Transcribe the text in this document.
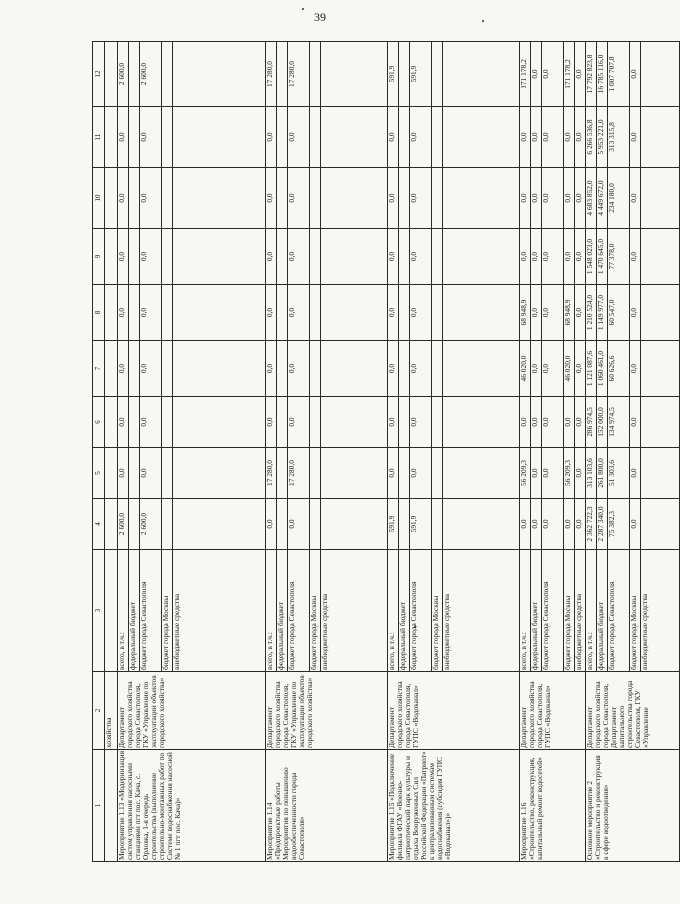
39
1	2	3	4	5	6	7	8	9	10	11	12
	хозяйства										
Мероприятие 1.13 «Модернизация систем управления насосными станциями пгт пос. Кача, с. Орловка, 1-я очередь строительства (выполнение строительно-монтажных работ по Системе водоснабжения насосной № 1 пгт пос. Кача)»	Департамент городского хозяйства города Севастополя, ГКУ «Управление по эксплуатации объектов городского хозяйства»	всего, в т.ч.:	2 600,0	0,0	0,0	0,0	0,0	0,0	0,0	0,0	2 600,0
		федеральный бюджет									
		бюджет города Севастополя	2 600,0	0,0	0,0	0,0	0,0	0,0	0,0	0,0	2 600,0
		бюджет города Москвы									
		внебюджетные средства									
Мероприятие 1.14 «Предпроектные работы Мероприятия по повышению водообеспеченности города Севастополя»	Департамент городского хозяйства города Севастополя, ГКУ «Управление по эксплуатации объектов городского хозяйства»	всего, в т.ч.:	0,0	17 280,0	0,0	0,0	0,0	0,0	0,0	0,0	17 280,0
		федеральный бюджет									
		бюджет города Севастополя	0,0	17 280,0	0,0	0,0	0,0	0,0	0,0	0,0	17 280,0
		бюджет города Москвы									
		внебюджетные средства									
Мероприятие 1.15 «Подключение филиала ФГАУ «Военно-патриотический парк культуры и отдыха Вооруженных Сил Российской Федерации «Патриот» к централизованным системам водоснабжения (субсидия ГУПС «Водоканал»)»	Департамент городского хозяйства города Севастополя, ГУПС «Водоканал»	всего, в т.ч.:	591,9	0,0	0,0	0,0	0,0	0,0	0,0	0,0	591,9
		федеральный бюджет									
		бюджет города Севастополя	591,9	0,0	0,0	0,0	0,0	0,0	0,0	0,0	591,9
		бюджет города Москвы									
		внебюджетные средства									
Мероприятие 1.16 «Строительство, реконструкция, капитальный ремонт водосетей»	Департамент городского хозяйства города Севастополя, ГУПС «Водоканал»	всего, в т.ч.:	0,0	56 209,3	0,0	46 020,0	68 948,9	0,0	0,0	0,0	171 178,2
		федеральный бюджет	0,0	0,0	0,0	0,0	0,0	0,0	0,0	0,0	0,0
		бюджет города Севастополя	0,0	0,0	0,0	0,0	0,0	0,0	0,0	0,0	0,0
		бюджет города Москвы	0,0	56 209,3	0,0	46 020,0	68 948,9	0,0	0,0	0,0	171 178,2
		внебюджетные средства	0,0	0,0	0,0	0,0	0,0	0,0	0,0	0,0	0,0
Основное мероприятие 2 «Строительство и реконструкция в сфере водоотведения»	Департамент городского хозяйства города Севастополя, Департамент капитального строительства города Севастополя, ГКУ «Управление	всего, в т.ч.:	2 362 722,3	313 103,6	286 974,5	1 121 087,6	1 210 524,0	1 548 023,0	4 683 852,0	6 266 536,8	17 792 823,8
		федеральный бюджет	2 287 340,0	261 800,0	152 000,0	1 060 461,0	1 149 977,0	1 470 645,0	4 449 672,0	5 953 221,0	16 785 116,0
		бюджет города Севастополя	75 382,3	51 303,6	134 974,5	60 626,6	60 547,0	77 378,0	234 180,0	313 315,8	1 007 707,8
		бюджет города Москвы	0,0	0,0	0,0	0,0	0,0	0,0	0,0	0,0	0,0
		внебюджетные средства									
